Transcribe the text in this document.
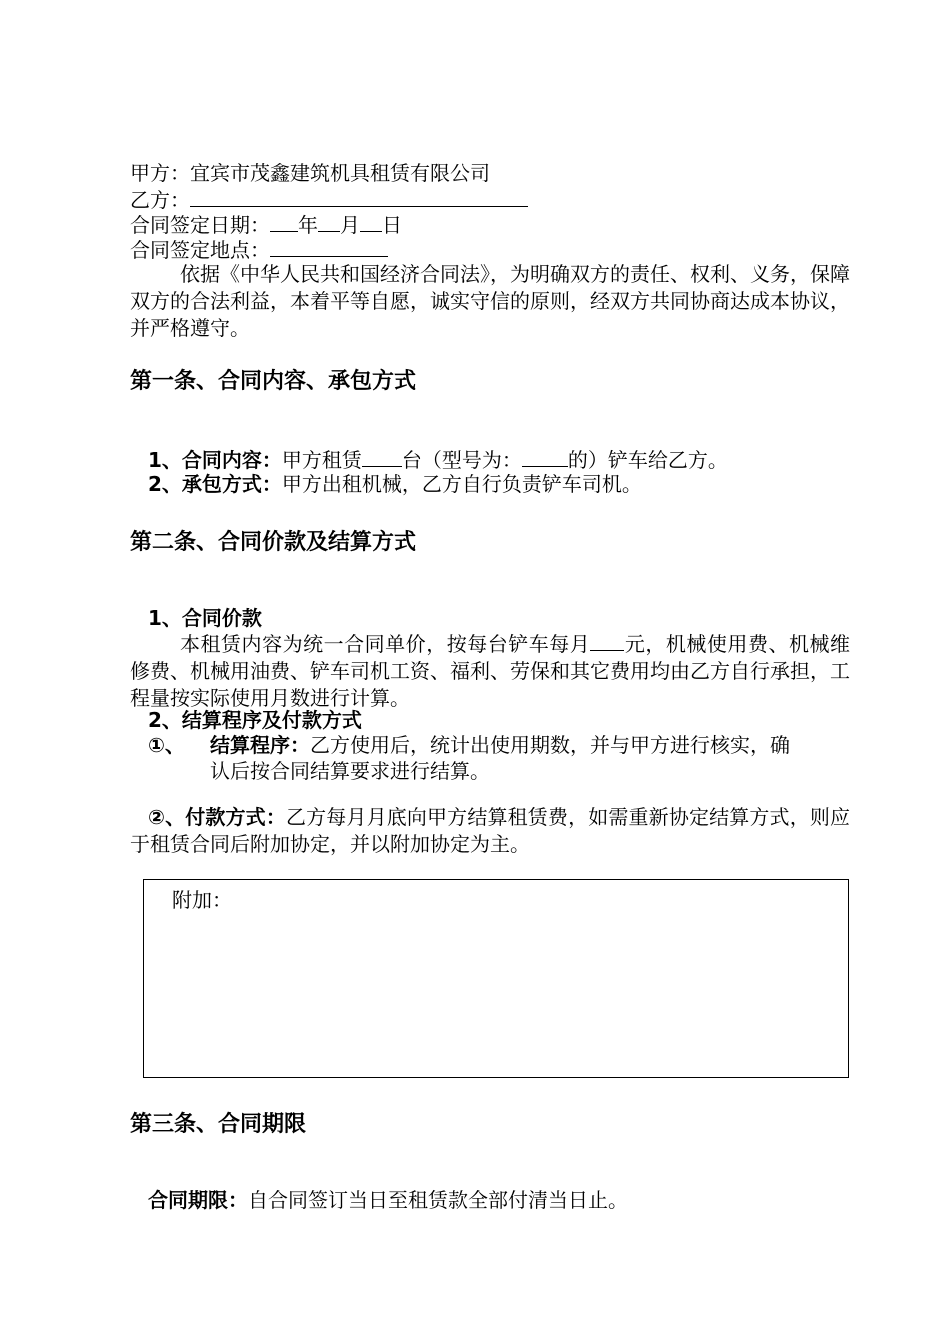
甲方：宜宾市茂鑫建筑机具租赁有限公司
乙方：
合同签定日期： 年 月 日
合同签定地点：
依据《中华人民共和国经济合同法》，为明确双方的责任、权利、义务，保障双方的合法利益，本着平等自愿，诚实守信的原则，经双方共同协商达成本协议，并严格遵守。
第一条、合同内容、承包方式
1、合同内容：甲方租赁 台（型号为： 的）铲车给乙方。
2、承包方式：甲方出租机械，乙方自行负责铲车司机。
第二条、合同价款及结算方式
1、合同价款
本租赁内容为统一合同单价，按每台铲车每月 元，机械使用费、机械维修费、机械用油费、铲车司机工资、福利、劳保和其它费用均由乙方自行承担，工程量按实际使用月数进行计算。
2、结算程序及付款方式
①、 结算程序：乙方使用后，统计出使用期数，并与甲方进行核实，确
认后按合同结算要求进行结算。
②、付款方式：乙方每月月底向甲方结算租赁费，如需重新协定结算方式，则应于租赁合同后附加协定，并以附加协定为主。
附加：
第三条、合同期限
合同期限：自合同签订当日至租赁款全部付清当日止。
